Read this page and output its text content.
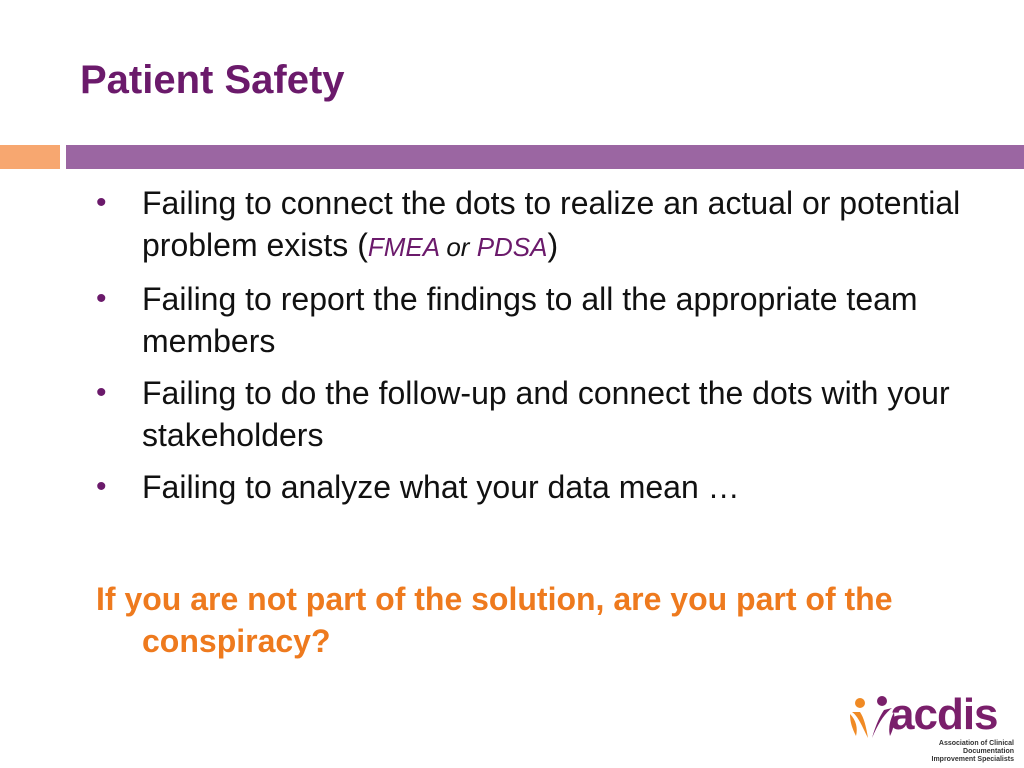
Patient Safety
• Failing to connect the dots to realize an actual or potential problem exists (FMEA or PDSA)
• Failing to report the findings to all the appropriate team members
• Failing to do the follow-up and connect the dots with your stakeholders
• Failing to analyze what your data mean …

If you are not part of the solution, are you part of the conspiracy?

acdis
Association of Clinical Documentation
Improvement Specialists
